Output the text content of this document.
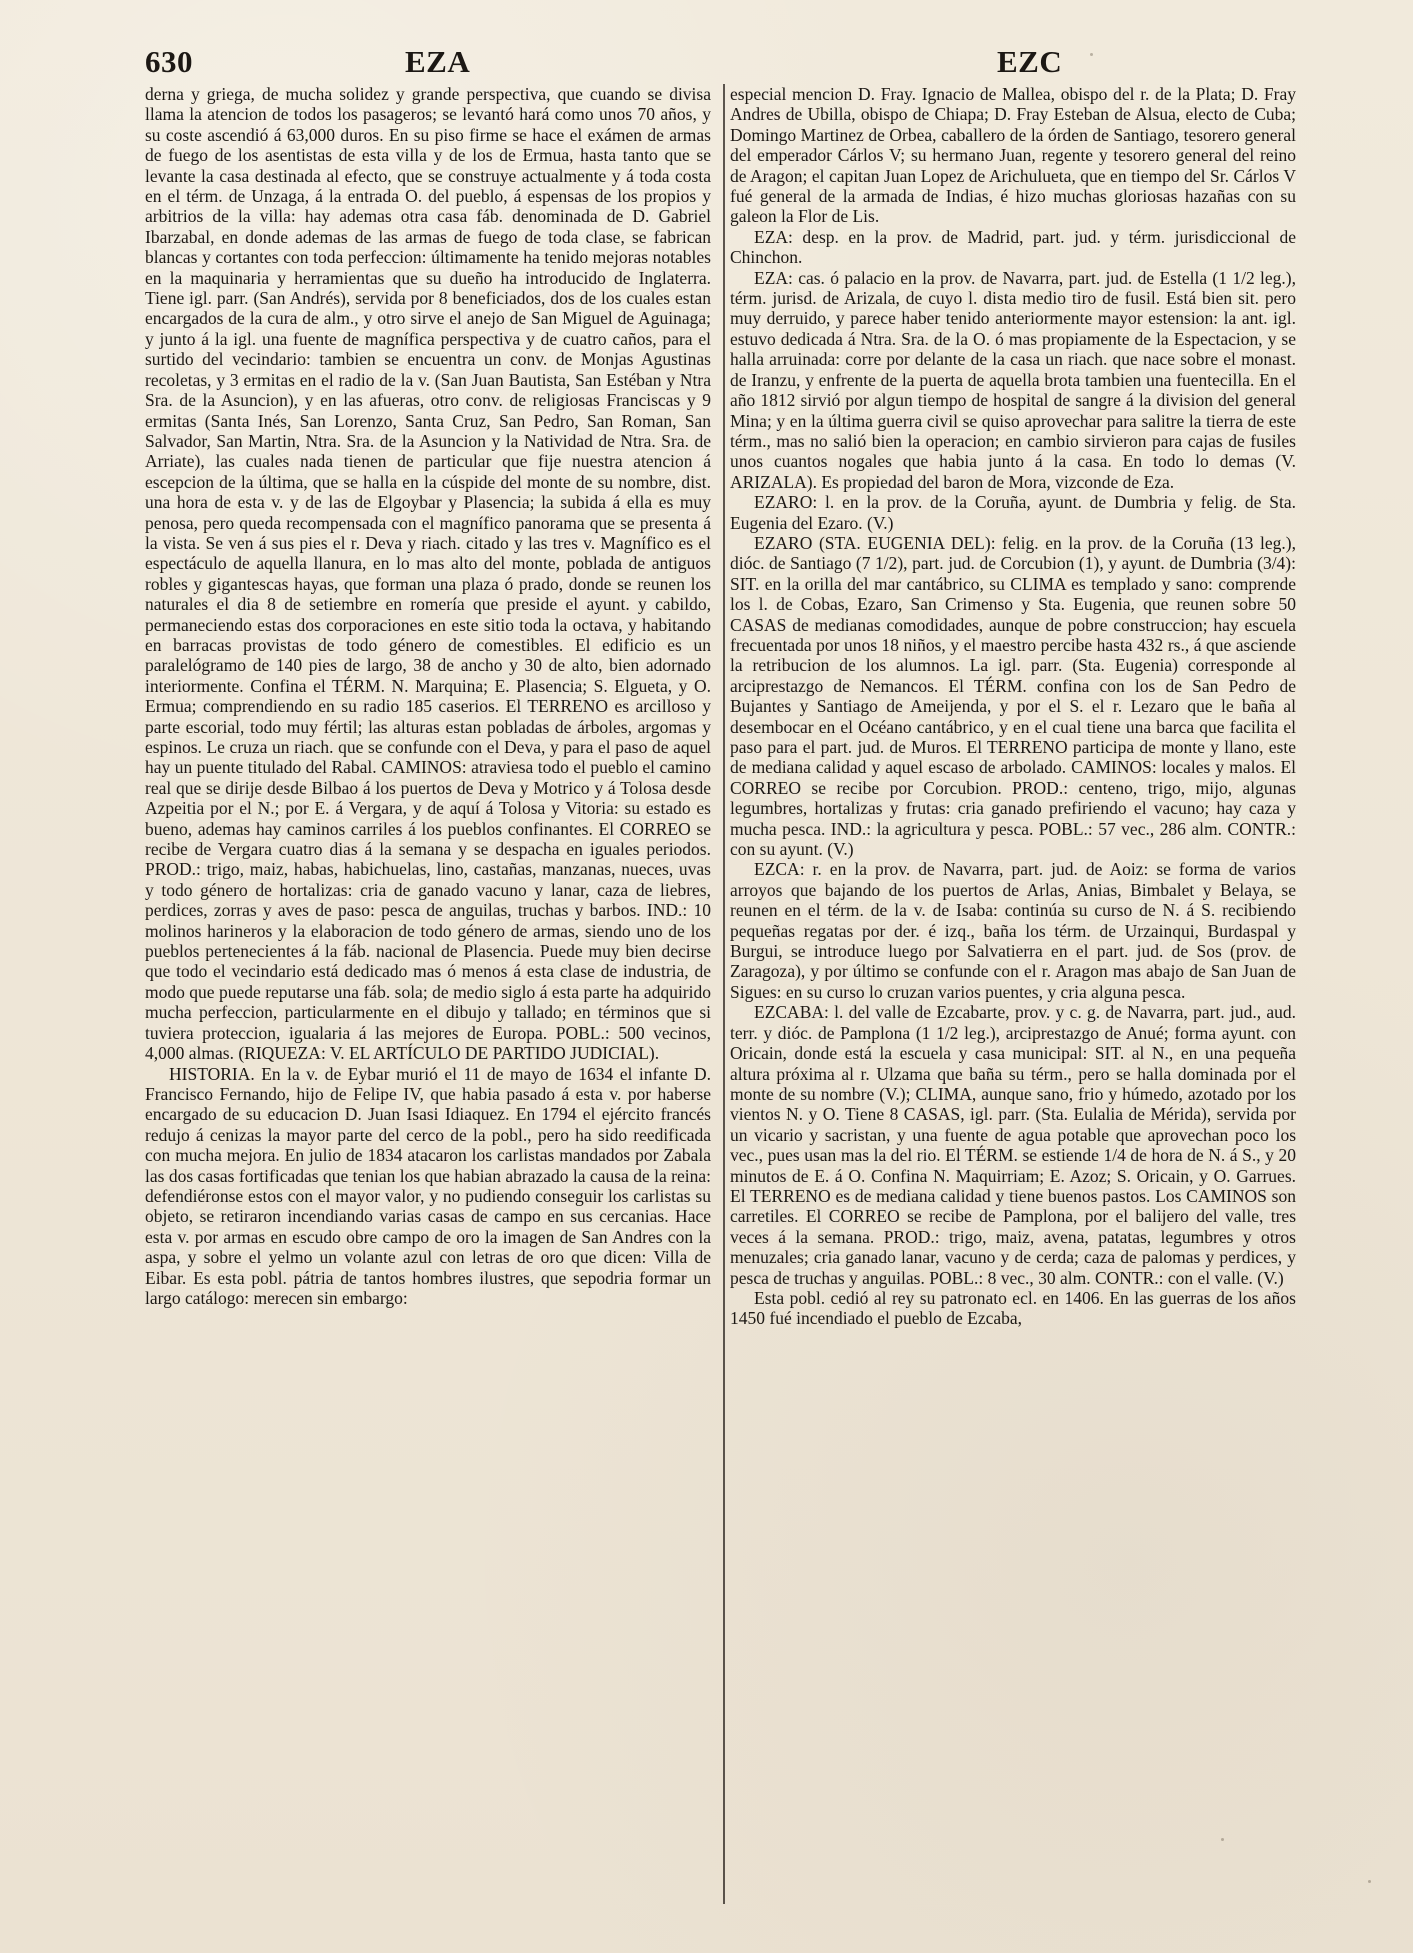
630	EZA	EZC

derna y griega, de mucha solidez y grande perspectiva, que cuando se divisa llama la atencion de todos los pasageros; se levantó hará como unos 70 años, y su coste ascendió á 63,000 duros. En su piso firme se hace el exámen de armas de fuego de los asentistas de esta villa y de los de Ermua, hasta tanto que se levante la casa destinada al efecto, que se construye actualmente y á toda costa en el térm. de Unzaga, á la entrada O. del pueblo, á espensas de los propios y arbitrios de la villa: hay ademas otra casa fáb. denominada de D. Gabriel Ibarzabal, en donde ademas de las armas de fuego de toda clase, se fabrican blancas y cortantes con toda perfeccion: últimamente ha tenido mejoras notables en la maquinaria y herramientas que su dueño ha introducido de Inglaterra. Tiene igl. parr. (San Andrés), servida por 8 beneficiados, dos de los cuales estan encargados de la cura de alm., y otro sirve el anejo de San Miguel de Aguinaga; y junto á la igl. una fuente de magnífica perspectiva y de cuatro caños, para el surtido del vecindario: tambien se encuentra un conv. de Monjas Agustinas recoletas, y 3 ermitas en el radio de la v. (San Juan Bautista, San Estéban y Ntra Sra. de la Asuncion), y en las afueras, otro conv. de religiosas Franciscas y 9 ermitas (Santa Inés, San Lorenzo, Santa Cruz, San Pedro, San Roman, San Salvador, San Martin, Ntra. Sra. de la Asuncion y la Natividad de Ntra. Sra. de Arriate), las cuales nada tienen de particular que fije nuestra atencion á escepcion de la última, que se halla en la cúspide del monte de su nombre, dist. una hora de esta v. y de las de Elgoybar y Plasencia; la subida á ella es muy penosa, pero queda recompensada con el magnífico panorama que se presenta á la vista. Se ven á sus pies el r. Deva y riach. citado y las tres v. Magnífico es el espectáculo de aquella llanura, en lo mas alto del monte, poblada de antiguos robles y gigantescas hayas, que forman una plaza ó prado, donde se reunen los naturales el dia 8 de setiembre en romería que preside el ayunt. y cabildo, permaneciendo estas dos corporaciones en este sitio toda la octava, y habitando en barracas provistas de todo género de comestibles. El edificio es un paralelógramo de 140 pies de largo, 38 de ancho y 30 de alto, bien adornado interiormente. Confina el TÉRM. N. Marquina; E. Plasencia; S. Elgueta, y O. Ermua; comprendiendo en su radio 185 caserios. El TERRENO es arcilloso y parte escorial, todo muy fértil; las alturas estan pobladas de árboles, argomas y espinos. Le cruza un riach. que se confunde con el Deva, y para el paso de aquel hay un puente titulado del Rabal. CAMINOS: atraviesa todo el pueblo el camino real que se dirije desde Bilbao á los puertos de Deva y Motrico y á Tolosa desde Azpeitia por el N.; por E. á Vergara, y de aquí á Tolosa y Vitoria: su estado es bueno, ademas hay caminos carriles á los pueblos confinantes. El CORREO se recibe de Vergara cuatro dias á la semana y se despacha en iguales periodos. PROD.: trigo, maiz, habas, habichuelas, lino, castañas, manzanas, nueces, uvas y todo género de hortalizas: cria de ganado vacuno y lanar, caza de liebres, perdices, zorras y aves de paso: pesca de anguilas, truchas y barbos. IND.: 10 molinos harineros y la elaboracion de todo género de armas, siendo uno de los pueblos pertenecientes á la fáb. nacional de Plasencia. Puede muy bien decirse que todo el vecindario está dedicado mas ó menos á esta clase de industria, de modo que puede reputarse una fáb. sola; de medio siglo á esta parte ha adquirido mucha perfeccion, particularmente en el dibujo y tallado; en términos que si tuviera proteccion, igualaria á las mejores de Europa. POBL.: 500 vecinos, 4,000 almas. (RIQUEZA: V. EL ARTÍCULO DE PARTIDO JUDICIAL).

HISTORIA. En la v. de Eybar murió el 11 de mayo de 1634 el infante D. Francisco Fernando, hijo de Felipe IV, que habia pasado á esta v. por haberse encargado de su educacion D. Juan Isasi Idiaquez. En 1794 el ejército francés redujo á cenizas la mayor parte del cerco de la pobl., pero ha sido reedificada con mucha mejora. En julio de 1834 atacaron los carlistas mandados por Zabala las dos casas fortificadas que tenian los que habian abrazado la causa de la reina: defendiéronse estos con el mayor valor, y no pudiendo conseguir los carlistas su objeto, se retiraron incendiando varias casas de campo en sus cercanias. Hace esta v. por armas en escudo obre campo de oro la imagen de San Andres con la aspa, y sobre el yelmo un volante azul con letras de oro que dicen: Villa de Eibar. Es esta pobl. pátria de tantos hombres ilustres, que sepodria formar un largo catálogo: merecen sin embargo:

especial mencion D. Fray. Ignacio de Mallea, obispo del r. de la Plata; D. Fray Andres de Ubilla, obispo de Chiapa; D. Fray Esteban de Alsua, electo de Cuba; Domingo Martinez de Orbea, caballero de la órden de Santiago, tesorero general del emperador Cárlos V; su hermano Juan, regente y tesorero general del reino de Aragon; el capitan Juan Lopez de Arichulueta, que en tiempo del Sr. Cárlos V fué general de la armada de Indias, é hizo muchas gloriosas hazañas con su galeon la Flor de Lis.

EZA: desp. en la prov. de Madrid, part. jud. y térm. jurisdiccional de Chinchon.

EZA: cas. ó palacio en la prov. de Navarra, part. jud. de Estella (1 1/2 leg.), térm. jurisd. de Arizala, de cuyo l. dista medio tiro de fusil. Está bien sit. pero muy derruido, y parece haber tenido anteriormente mayor estension: la ant. igl. estuvo dedicada á Ntra. Sra. de la O. ó mas propiamente de la Espectacion, y se halla arruinada: corre por delante de la casa un riach. que nace sobre el monast. de Iranzu, y enfrente de la puerta de aquella brota tambien una fuentecilla. En el año 1812 sirvió por algun tiempo de hospital de sangre á la division del general Mina; y en la última guerra civil se quiso aprovechar para salitre la tierra de este térm., mas no salió bien la operacion; en cambio sirvieron para cajas de fusiles unos cuantos nogales que habia junto á la casa. En todo lo demas (V. ARIZALA). Es propiedad del baron de Mora, vizconde de Eza.

EZARO: l. en la prov. de la Coruña, ayunt. de Dumbria y felig. de Sta. Eugenia del Ezaro. (V.)

EZARO (STA. EUGENIA DEL): felig. en la prov. de la Coruña (13 leg.), dióc. de Santiago (7 1/2), part. jud. de Corcubion (1), y ayunt. de Dumbria (3/4): SIT. en la orilla del mar cantábrico, su CLIMA es templado y sano: comprende los l. de Cobas, Ezaro, San Crimenso y Sta. Eugenia, que reunen sobre 50 CASAS de medianas comodidades, aunque de pobre construccion; hay escuela frecuentada por unos 18 niños, y el maestro percibe hasta 432 rs., á que asciende la retribucion de los alumnos. La igl. parr. (Sta. Eugenia) corresponde al arciprestazgo de Nemancos. El TÉRM. confina con los de San Pedro de Bujantes y Santiago de Ameijenda, y por el S. el r. Lezaro que le baña al desembocar en el Océano cantábrico, y en el cual tiene una barca que facilita el paso para el part. jud. de Muros. El TERRENO participa de monte y llano, este de mediana calidad y aquel escaso de arbolado. CAMINOS: locales y malos. El CORREO se recibe por Corcubion. PROD.: centeno, trigo, mijo, algunas legumbres, hortalizas y frutas: cria ganado prefiriendo el vacuno; hay caza y mucha pesca. IND.: la agricultura y pesca. POBL.: 57 vec., 286 alm. CONTR.: con su ayunt. (V.)

EZCA: r. en la prov. de Navarra, part. jud. de Aoiz: se forma de varios arroyos que bajando de los puertos de Arlas, Anias, Bimbalet y Belaya, se reunen en el térm. de la v. de Isaba: continúa su curso de N. á S. recibiendo pequeñas regatas por der. é izq., baña los térm. de Urzainqui, Burdaspal y Burgui, se introduce luego por Salvatierra en el part. jud. de Sos (prov. de Zaragoza), y por último se confunde con el r. Aragon mas abajo de San Juan de Sigues: en su curso lo cruzan varios puentes, y cria alguna pesca.

EZCABA: l. del valle de Ezcabarte, prov. y c. g. de Navarra, part. jud., aud. terr. y dióc. de Pamplona (1 1/2 leg.), arciprestazgo de Anué; forma ayunt. con Oricain, donde está la escuela y casa municipal: SIT. al N., en una pequeña altura próxima al r. Ulzama que baña su térm., pero se halla dominada por el monte de su nombre (V.); CLIMA, aunque sano, frio y húmedo, azotado por los vientos N. y O. Tiene 8 CASAS, igl. parr. (Sta. Eulalia de Mérida), servida por un vicario y sacristan, y una fuente de agua potable que aprovechan poco los vec., pues usan mas la del rio. El TÉRM. se estiende 1/4 de hora de N. á S., y 20 minutos de E. á O. Confina N. Maquirriam; E. Azoz; S. Oricain, y O. Garrues. El TERRENO es de mediana calidad y tiene buenos pastos. Los CAMINOS son carretiles. El CORREO se recibe de Pamplona, por el balijero del valle, tres veces á la semana. PROD.: trigo, maiz, avena, patatas, legumbres y otros menuzales; cria ganado lanar, vacuno y de cerda; caza de palomas y perdices, y pesca de truchas y anguilas. POBL.: 8 vec., 30 alm. CONTR.: con el valle. (V.)

Esta pobl. cedió al rey su patronato ecl. en 1406. En las guerras de los años 1450 fué incendiado el pueblo de Ezcaba,
